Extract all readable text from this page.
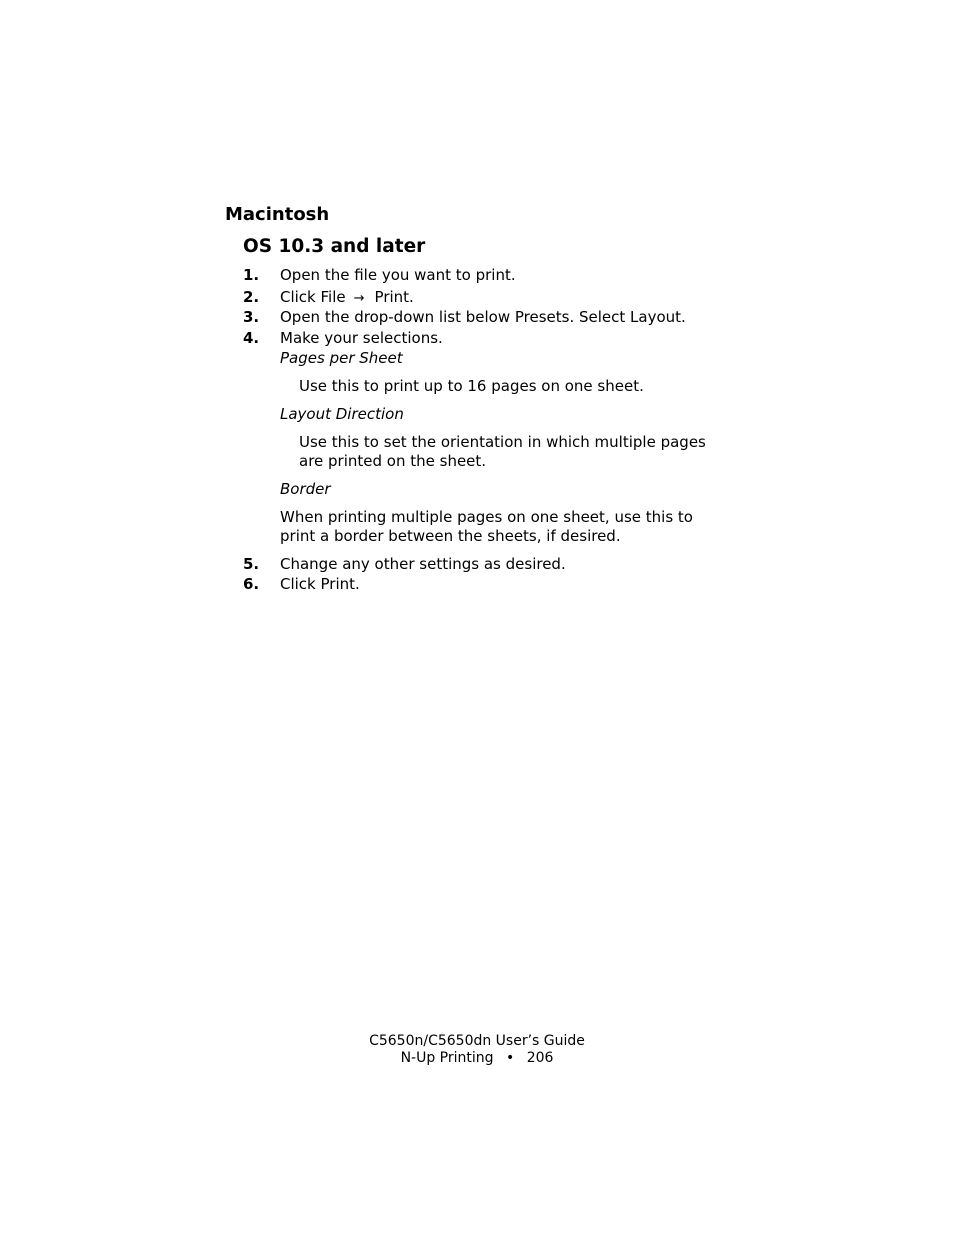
Macintosh
OS 10.3 and later
1. Open the file you want to print.
2. Click File → Print.
3. Open the drop-down list below Presets. Select Layout.
4. Make your selections.
Pages per Sheet
Use this to print up to 16 pages on one sheet.
Layout Direction
Use this to set the orientation in which multiple pages
are printed on the sheet.
Border
When printing multiple pages on one sheet, use this to
print a border between the sheets, if desired.
5. Change any other settings as desired.
6. Click Print.
C5650n/C5650dn User’s Guide
N-Up Printing • 206
